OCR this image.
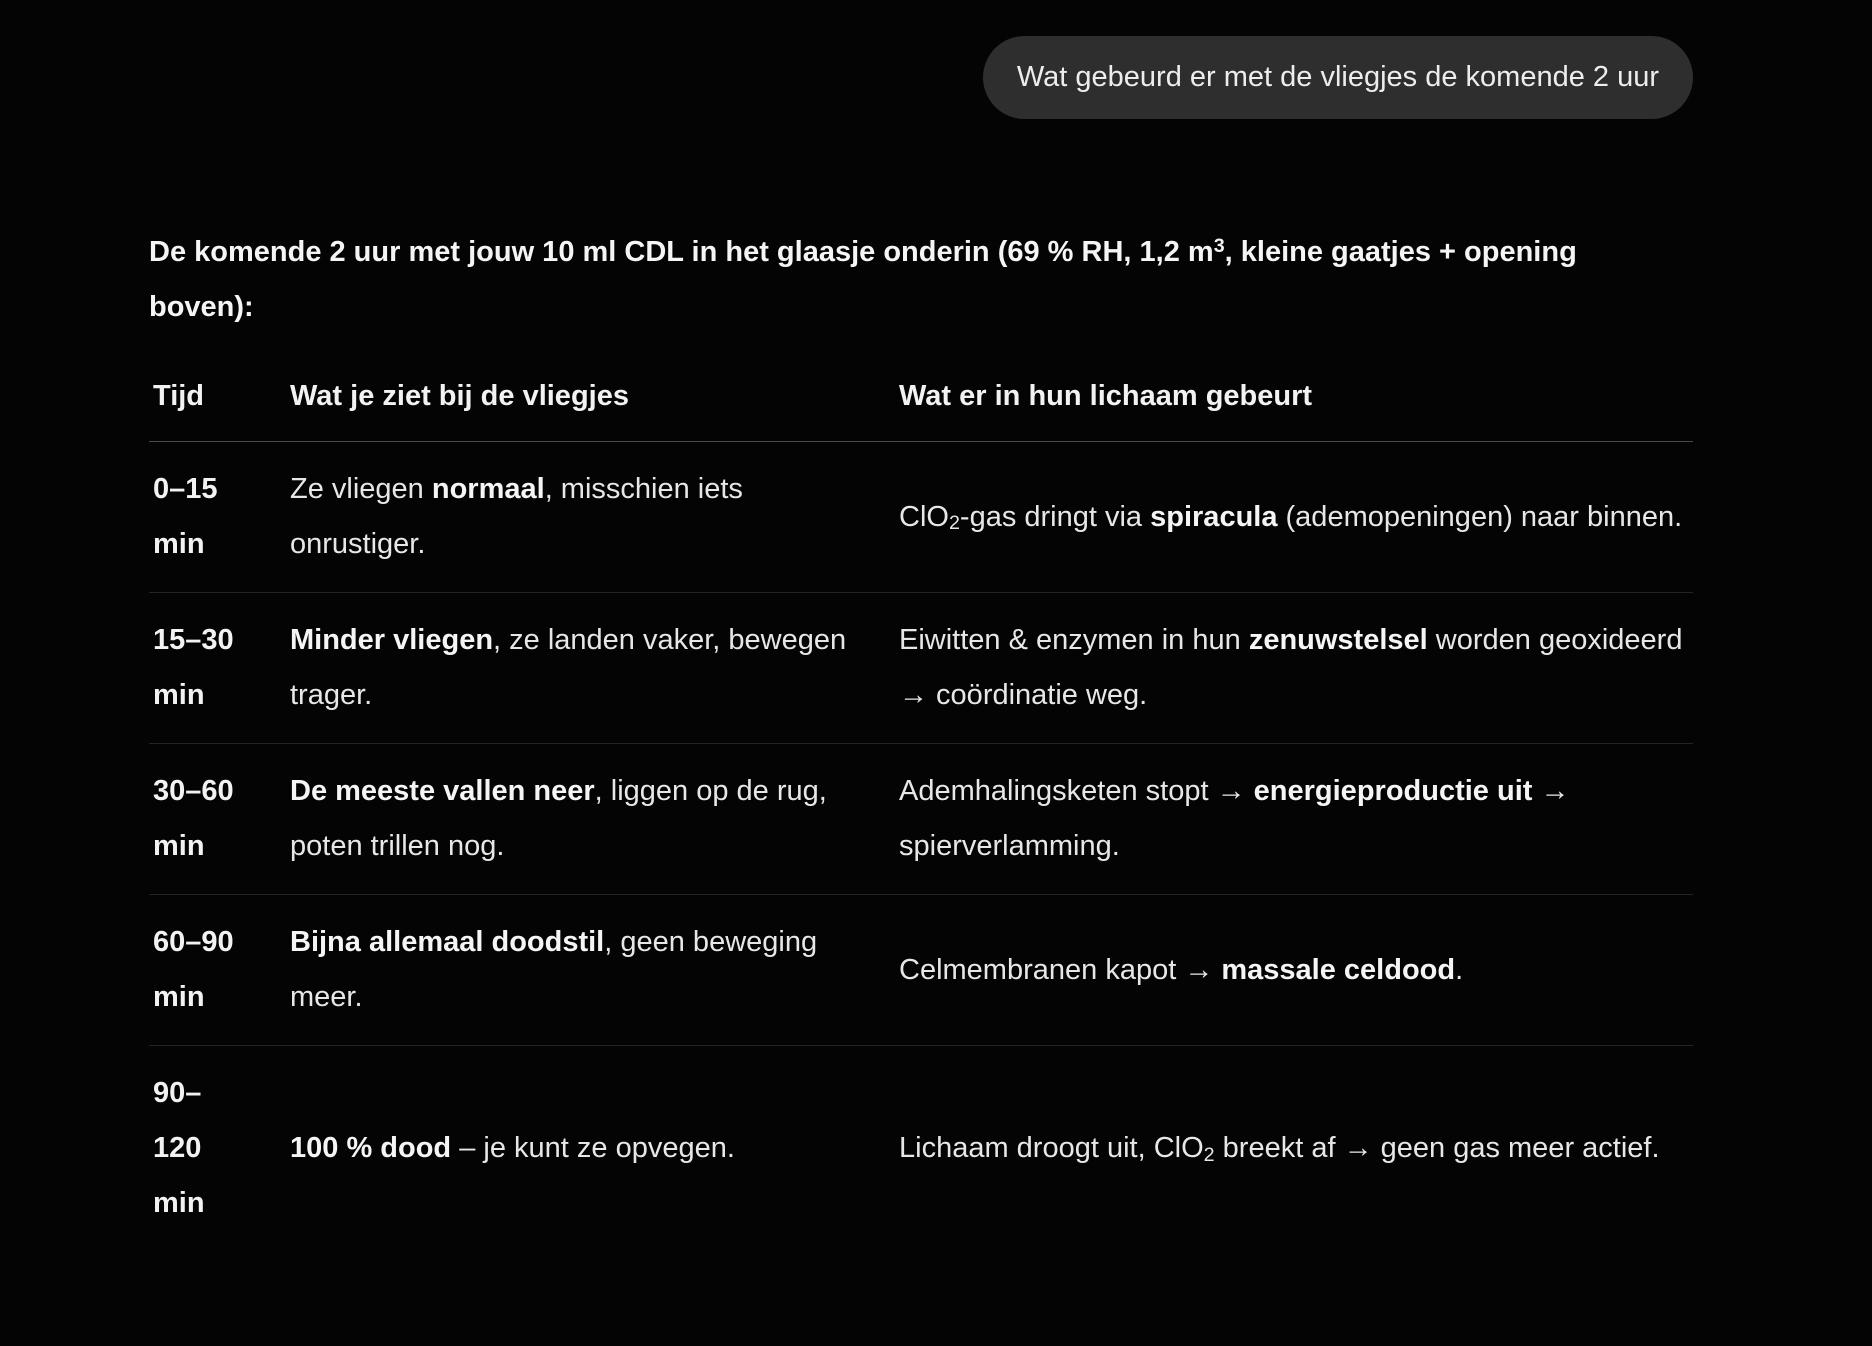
Wat gebeurd er met de vliegjes de komende 2 uur

De komende 2 uur met jouw 10 ml CDL in het glaasje onderin (69 % RH, 1,2 $m^3$, kleine gaatjes + opening boven):

Tijd	Wat je ziet bij de vliegjes	Wat er in hun lichaam gebeurt
0–15 min	Ze vliegen normaal, misschien iets onrustiger.	ClO$_2$-gas dringt via spiracula (ademopeningen) naar binnen.
15–30 min	Minder vliegen, ze landen vaker, bewegen trager.	Eiwitten & enzymen in hun zenuwstelsel worden geoxideerd → coördinatie weg.
30–60 min	De meeste vallen neer, liggen op de rug, poten trillen nog.	Ademhalingsketen stopt → energieproductie uit → spierverlamming.
60–90 min	Bijna allemaal doodstil, geen beweging meer.	Celmembranen kapot → massale celdood.
90–120 min	100 % dood – je kunt ze opvegen.	Lichaam droogt uit, ClO$_2$ breekt af → geen gas meer actief.
